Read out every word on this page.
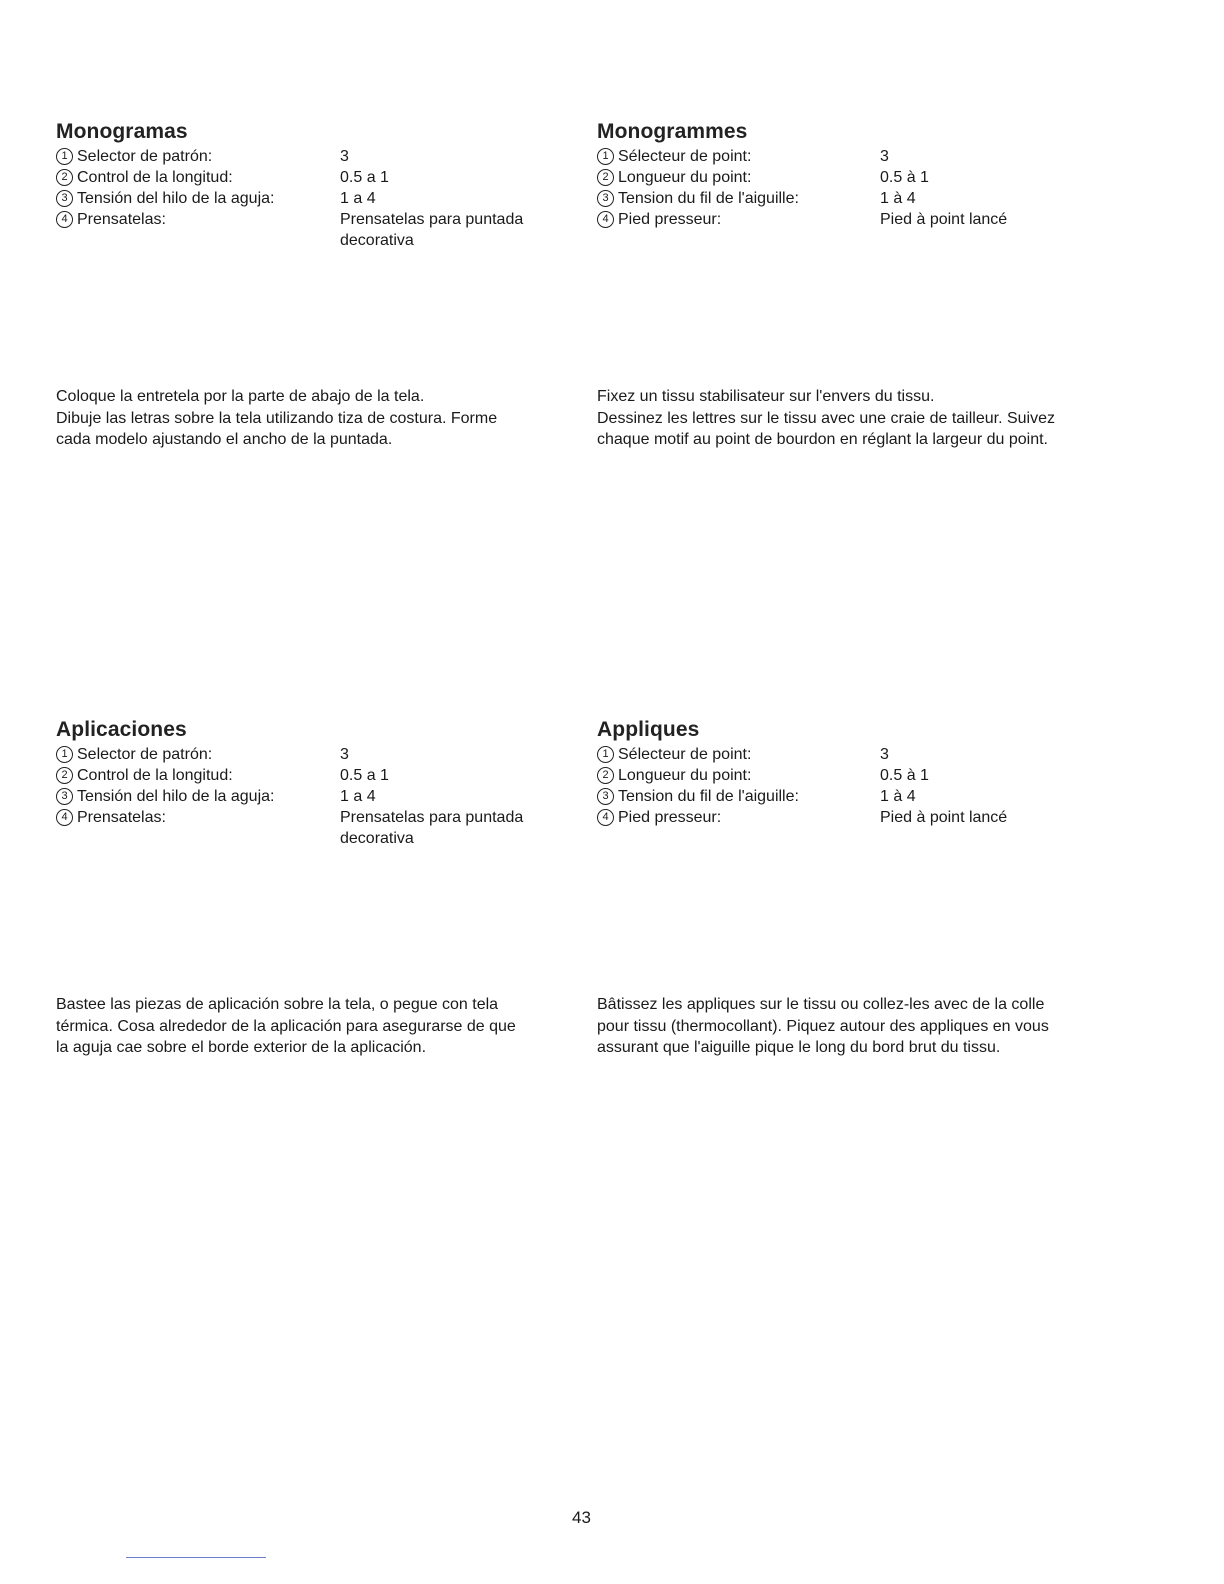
Monogramas
1 Selector de patrón:	3
2 Control de la longitud:	0.5 a 1
3 Tensión del hilo de la aguja:	1 a 4
4 Prensatelas:	Prensatelas para puntada decorativa
Monogrammes
1 Sélecteur de point:	3
2 Longueur du point:	0.5 à 1
3 Tension du fil de l'aiguille:	1 à 4
4 Pied presseur:	Pied à point lancé
Coloque la entretela por la parte de abajo de la tela.
Dibuje las letras sobre la tela utilizando tiza de costura. Forme
cada modelo ajustando el ancho de la puntada.
Fixez un tissu stabilisateur sur l'envers du tissu.
Dessinez les lettres sur le tissu avec une craie de tailleur. Suivez
chaque motif au point de bourdon en réglant la largeur du point.
Aplicaciones
1 Selector de patrón:	3
2 Control de la longitud:	0.5 a 1
3 Tensión del hilo de la aguja:	1 a 4
4 Prensatelas:	Prensatelas para puntada decorativa
Appliques
1 Sélecteur de point:	3
2 Longueur du point:	0.5 à 1
3 Tension du fil de l'aiguille:	1 à 4
4 Pied presseur:	Pied à point lancé
Bastee las piezas de aplicación sobre la tela, o pegue con tela
térmica. Cosa alrededor de la aplicación para asegurarse de que
la aguja cae sobre el borde exterior de la aplicación.
Bâtissez les appliques sur le tissu ou collez-les avec de la colle
pour tissu (thermocollant). Piquez autour des appliques en vous
assurant que l'aiguille pique le long du bord brut du tissu.
43
